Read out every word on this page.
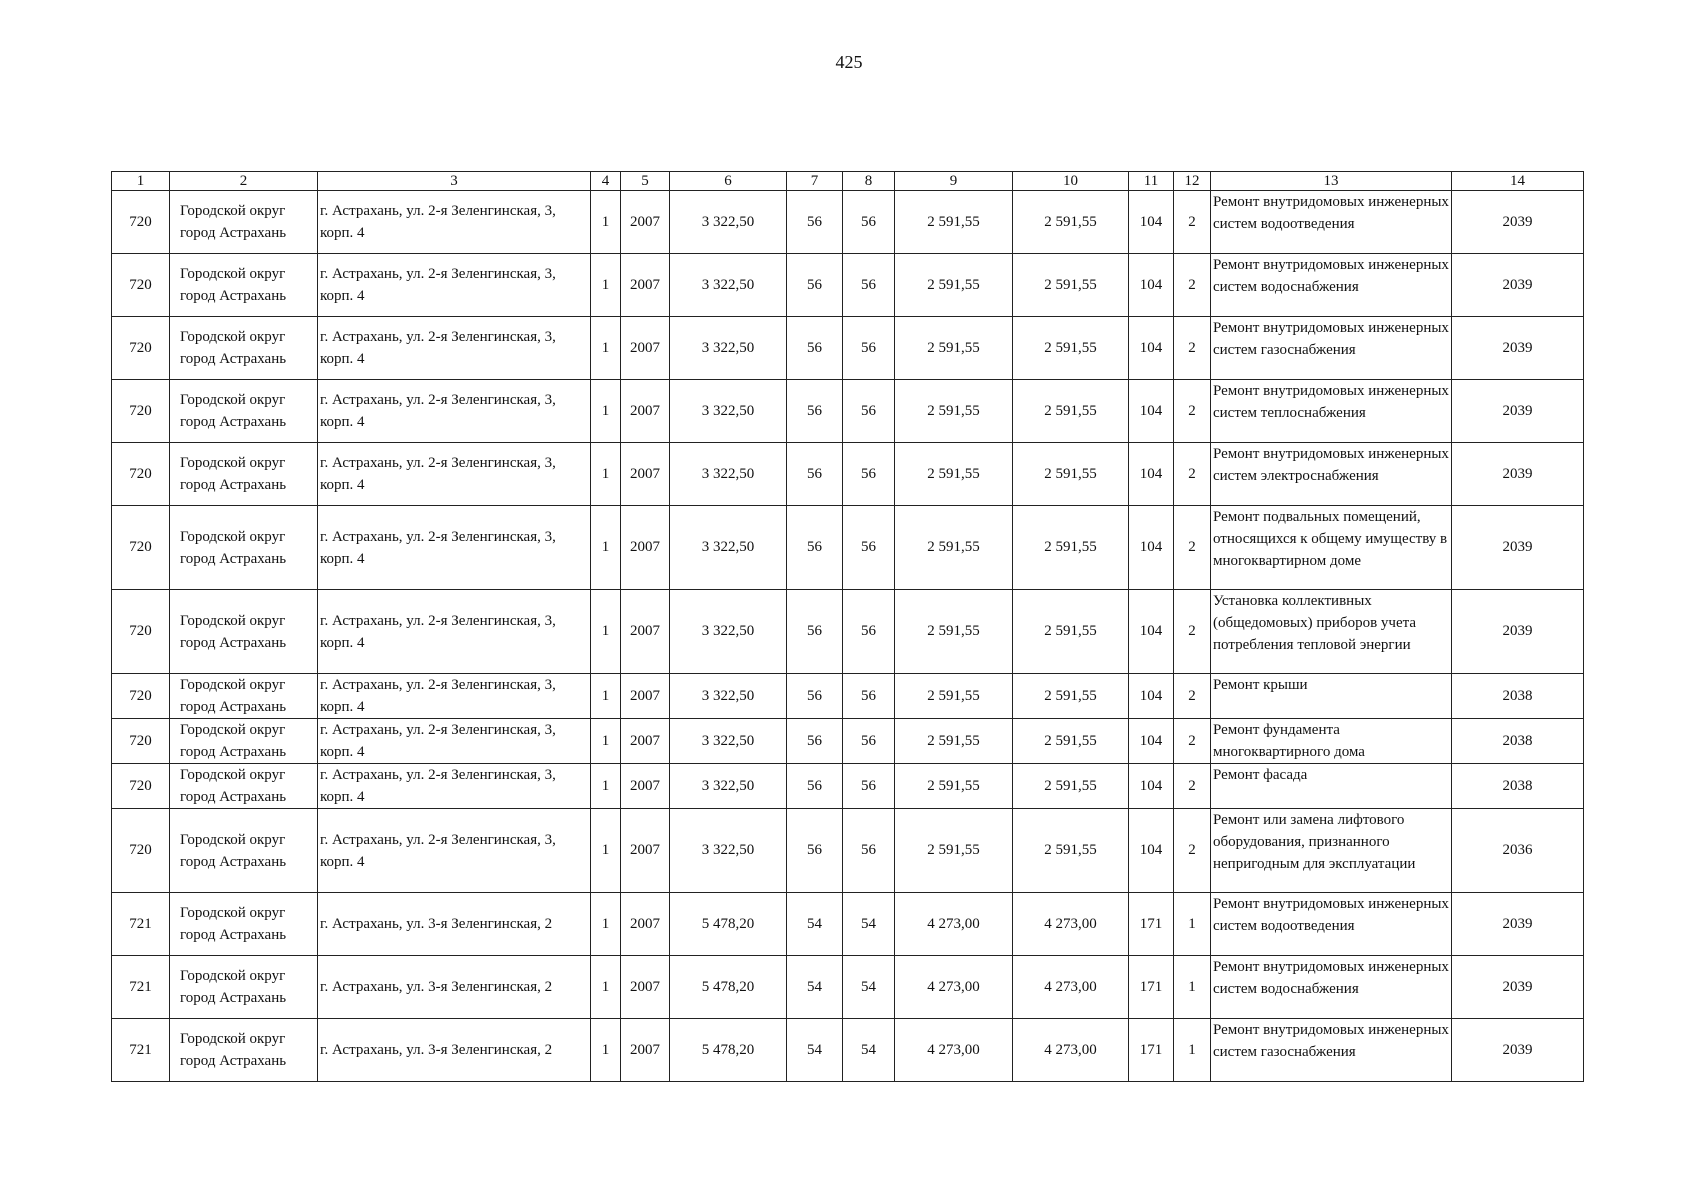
425
1	2	3	4	5	6	7	8	9	10	11	12	13	14
720	Городской округ город Астрахань	г. Астрахань, ул. 2-я Зеленгинская, 3, корп. 4	1	2007	3 322,50	56	56	2 591,55	2 591,55	104	2	Ремонт внутридомовых инженерных систем водоотведения	2039
720	Городской округ город Астрахань	г. Астрахань, ул. 2-я Зеленгинская, 3, корп. 4	1	2007	3 322,50	56	56	2 591,55	2 591,55	104	2	Ремонт внутридомовых инженерных систем водоснабжения	2039
720	Городской округ город Астрахань	г. Астрахань, ул. 2-я Зеленгинская, 3, корп. 4	1	2007	3 322,50	56	56	2 591,55	2 591,55	104	2	Ремонт внутридомовых инженерных систем газоснабжения	2039
720	Городской округ город Астрахань	г. Астрахань, ул. 2-я Зеленгинская, 3, корп. 4	1	2007	3 322,50	56	56	2 591,55	2 591,55	104	2	Ремонт внутридомовых инженерных систем теплоснабжения	2039
720	Городской округ город Астрахань	г. Астрахань, ул. 2-я Зеленгинская, 3, корп. 4	1	2007	3 322,50	56	56	2 591,55	2 591,55	104	2	Ремонт внутридомовых инженерных систем электроснабжения	2039
720	Городской округ город Астрахань	г. Астрахань, ул. 2-я Зеленгинская, 3, корп. 4	1	2007	3 322,50	56	56	2 591,55	2 591,55	104	2	Ремонт подвальных помещений, относящихся к общему имуществу в многоквартирном доме	2039
720	Городской округ город Астрахань	г. Астрахань, ул. 2-я Зеленгинская, 3, корп. 4	1	2007	3 322,50	56	56	2 591,55	2 591,55	104	2	Установка коллективных (общедомовых) приборов учета потребления тепловой энергии	2039
720	Городской округ город Астрахань	г. Астрахань, ул. 2-я Зеленгинская, 3, корп. 4	1	2007	3 322,50	56	56	2 591,55	2 591,55	104	2	Ремонт крыши	2038
720	Городской округ город Астрахань	г. Астрахань, ул. 2-я Зеленгинская, 3, корп. 4	1	2007	3 322,50	56	56	2 591,55	2 591,55	104	2	Ремонт фундамента многоквартирного дома	2038
720	Городской округ город Астрахань	г. Астрахань, ул. 2-я Зеленгинская, 3, корп. 4	1	2007	3 322,50	56	56	2 591,55	2 591,55	104	2	Ремонт фасада	2038
720	Городской округ город Астрахань	г. Астрахань, ул. 2-я Зеленгинская, 3, корп. 4	1	2007	3 322,50	56	56	2 591,55	2 591,55	104	2	Ремонт или замена лифтового оборудования, признанного непригодным для эксплуатации	2036
721	Городской округ город Астрахань	г. Астрахань, ул. 3-я Зеленгинская, 2	1	2007	5 478,20	54	54	4 273,00	4 273,00	171	1	Ремонт внутридомовых инженерных систем водоотведения	2039
721	Городской округ город Астрахань	г. Астрахань, ул. 3-я Зеленгинская, 2	1	2007	5 478,20	54	54	4 273,00	4 273,00	171	1	Ремонт внутридомовых инженерных систем водоснабжения	2039
721	Городской округ город Астрахань	г. Астрахань, ул. 3-я Зеленгинская, 2	1	2007	5 478,20	54	54	4 273,00	4 273,00	171	1	Ремонт внутридомовых инженерных систем газоснабжения	2039
